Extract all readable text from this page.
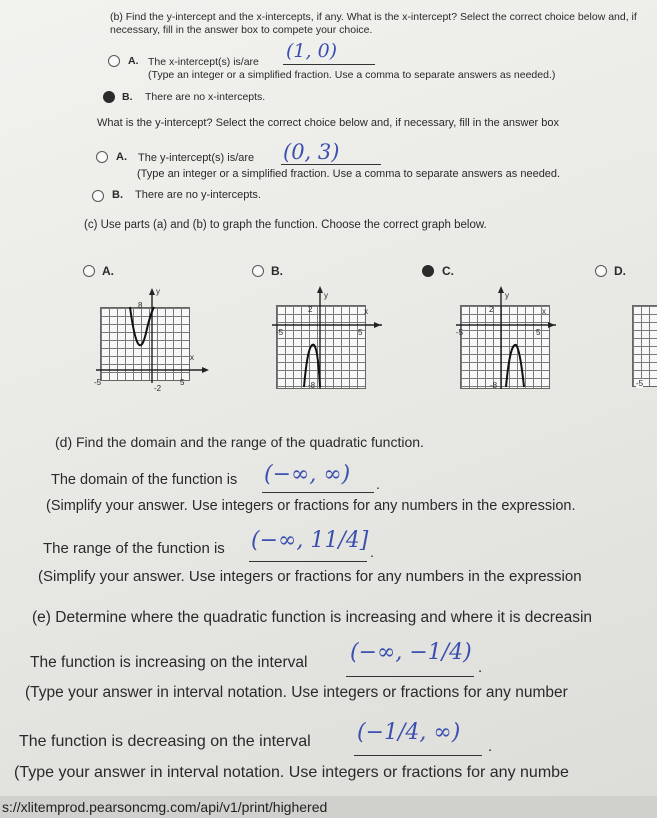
(b) Find the y-intercept and the x-intercepts, if any. What is the x-intercept? Select the correct choice below and, if
necessary, fill in the answer box to compete your choice.
A. The x-intercept(s) is/are (1, 0)
(Type an integer or a simplified fraction. Use a comma to separate answers as needed.)
B. There are no x-intercepts.
What is the y-intercept? Select the correct choice below and, if necessary, fill in the answer box
A. The y-intercept(s) is/are (0, 3)
(Type an integer or a simplified fraction. Use a comma to separate answers as needed.
B. There are no y-intercepts.
(c) Use parts (a) and (b) to graph the function. Choose the correct graph below.
A.	B.	C.	D.
y
8
x
-5
-2
5
y
2	x
-5	5
-8
y
2	x
-5	5
-8	-5
(d) Find the domain and the range of the quadratic function.
The domain of the function is (−∞, ∞) .
(Simplify your answer. Use integers or fractions for any numbers in the expression.
The range of the function is (−∞, 11/4] .
(Simplify your answer. Use integers or fractions for any numbers in the expression
(e) Determine where the quadratic function is increasing and where it is decreasin
The function is increasing on the interval (−∞, −1/4)
.
(Type your answer in interval notation. Use integers or fractions for any number
The function is decreasing on the interval (−1/4, ∞)
.
(Type your answer in interval notation. Use integers or fractions for any numbe
s://xlitemprod.pearsoncmg.com/api/v1/print/highered
